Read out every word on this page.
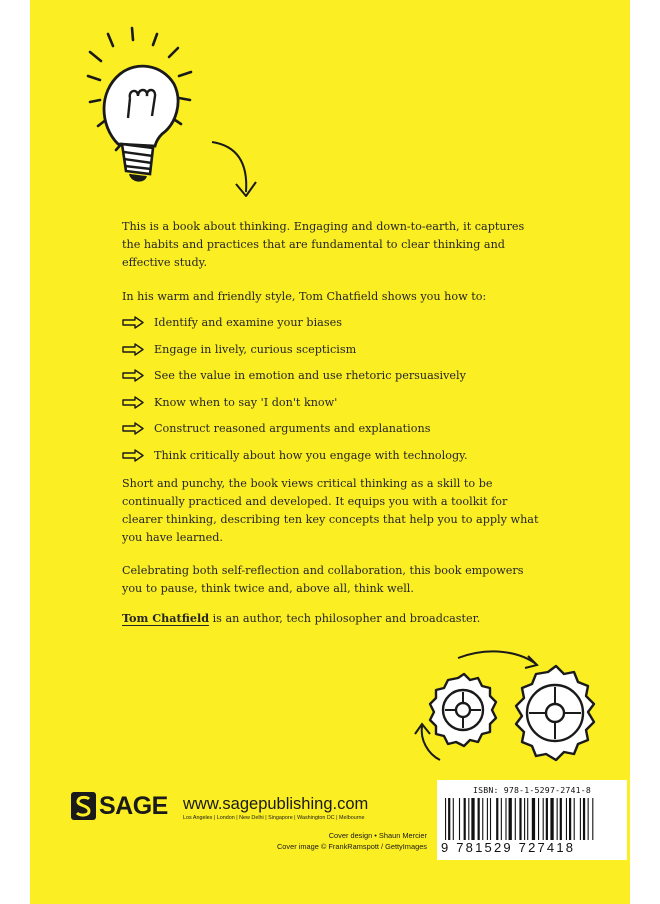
This is a book about thinking. Engaging and down-to-earth, it captures the habits and practices that are fundamental to clear thinking and effective study.

In his warm and friendly style, Tom Chatfield shows you how to:

Identify and examine your biases
Engage in lively, curious scepticism
See the value in emotion and use rhetoric persuasively
Know when to say 'I don't know'
Construct reasoned arguments and explanations
Think critically about how you engage with technology.

Short and punchy, the book views critical thinking as a skill to be continually practiced and developed. It equips you with a toolkit for clearer thinking, describing ten key concepts that help you to apply what you have learned.

Celebrating both self-reflection and collaboration, this book empowers you to pause, think twice and, above all, think well.

Tom Chatfield is an author, tech philosopher and broadcaster.

SAGE www.sagepublishing.com
Los Angeles | London | New Delhi | Singapore | Washington DC | Melbourne
Cover design • Shaun Mercier
Cover image © FrankRamspott / GettyImages
ISBN: 978-1-5297-2741-8
9 781529 727418
